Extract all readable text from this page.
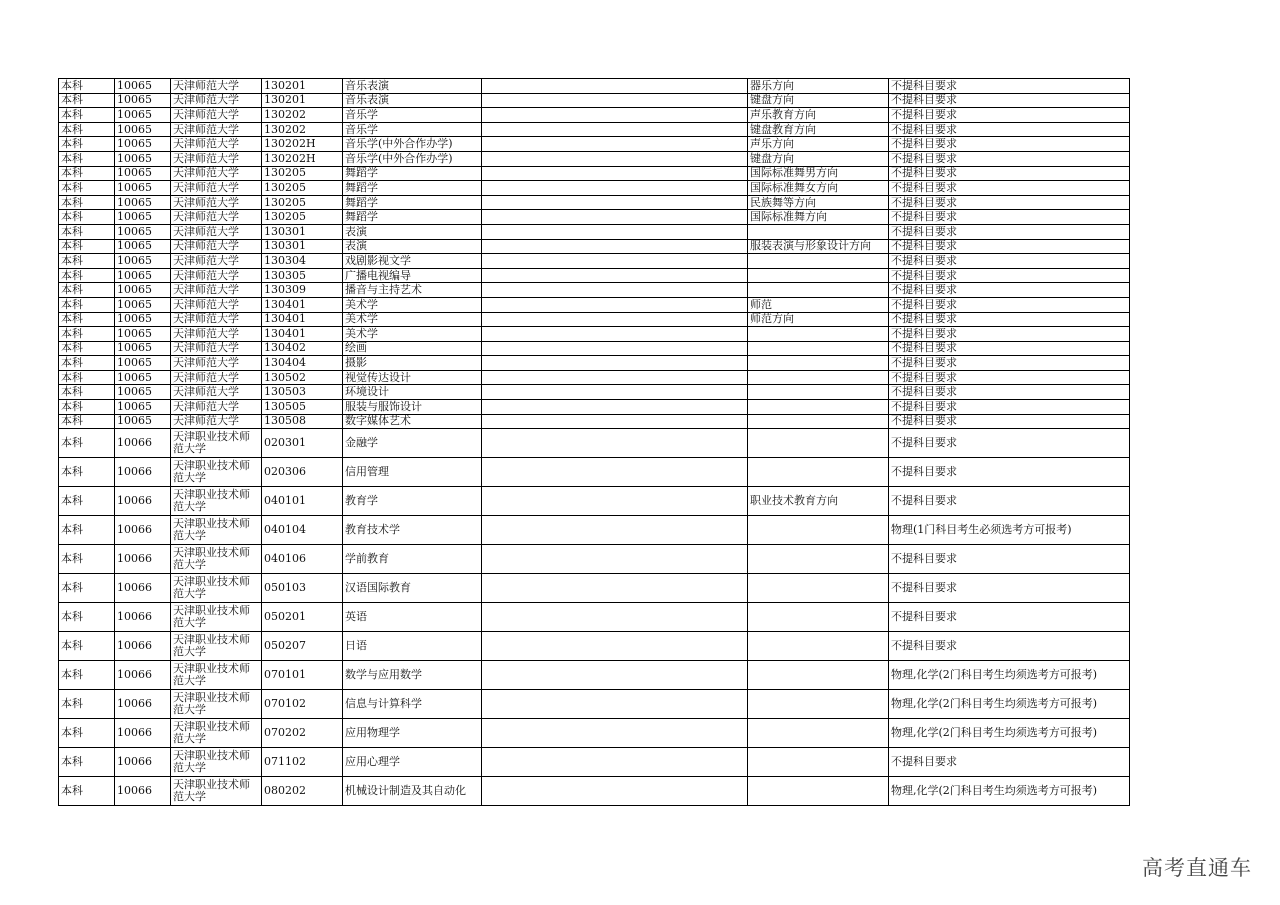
本科	10065	天津师范大学	130201	音乐表演		器乐方向	不提科目要求
本科	10065	天津师范大学	130201	音乐表演		键盘方向	不提科目要求
本科	10065	天津师范大学	130202	音乐学		声乐教育方向	不提科目要求
本科	10065	天津师范大学	130202	音乐学		键盘教育方向	不提科目要求
本科	10065	天津师范大学	130202H	音乐学(中外合作办学)		声乐方向	不提科目要求
本科	10065	天津师范大学	130202H	音乐学(中外合作办学)		键盘方向	不提科目要求
本科	10065	天津师范大学	130205	舞蹈学		国际标准舞男方向	不提科目要求
本科	10065	天津师范大学	130205	舞蹈学		国际标准舞女方向	不提科目要求
本科	10065	天津师范大学	130205	舞蹈学		民族舞等方向	不提科目要求
本科	10065	天津师范大学	130205	舞蹈学		国际标准舞方向	不提科目要求
本科	10065	天津师范大学	130301	表演			不提科目要求
本科	10065	天津师范大学	130301	表演		服装表演与形象设计方向	不提科目要求
本科	10065	天津师范大学	130304	戏剧影视文学			不提科目要求
本科	10065	天津师范大学	130305	广播电视编导			不提科目要求
本科	10065	天津师范大学	130309	播音与主持艺术			不提科目要求
本科	10065	天津师范大学	130401	美术学		师范	不提科目要求
本科	10065	天津师范大学	130401	美术学		师范方向	不提科目要求
本科	10065	天津师范大学	130401	美术学			不提科目要求
本科	10065	天津师范大学	130402	绘画			不提科目要求
本科	10065	天津师范大学	130404	摄影			不提科目要求
本科	10065	天津师范大学	130502	视觉传达设计			不提科目要求
本科	10065	天津师范大学	130503	环境设计			不提科目要求
本科	10065	天津师范大学	130505	服装与服饰设计			不提科目要求
本科	10065	天津师范大学	130508	数字媒体艺术			不提科目要求
本科	10066	天津职业技术师范大学	020301	金融学			不提科目要求
本科	10066	天津职业技术师范大学	020306	信用管理			不提科目要求
本科	10066	天津职业技术师范大学	040101	教育学		职业技术教育方向	不提科目要求
本科	10066	天津职业技术师范大学	040104	教育技术学			物理(1门科目考生必须选考方可报考)
本科	10066	天津职业技术师范大学	040106	学前教育			不提科目要求
本科	10066	天津职业技术师范大学	050103	汉语国际教育			不提科目要求
本科	10066	天津职业技术师范大学	050201	英语			不提科目要求
本科	10066	天津职业技术师范大学	050207	日语			不提科目要求
本科	10066	天津职业技术师范大学	070101	数学与应用数学			物理,化学(2门科目考生均须选考方可报考)
本科	10066	天津职业技术师范大学	070102	信息与计算科学			物理,化学(2门科目考生均须选考方可报考)
本科	10066	天津职业技术师范大学	070202	应用物理学			物理,化学(2门科目考生均须选考方可报考)
本科	10066	天津职业技术师范大学	071102	应用心理学			不提科目要求
本科	10066	天津职业技术师范大学	080202	机械设计制造及其自动化			物理,化学(2门科目考生均须选考方可报考)
高考直通车
